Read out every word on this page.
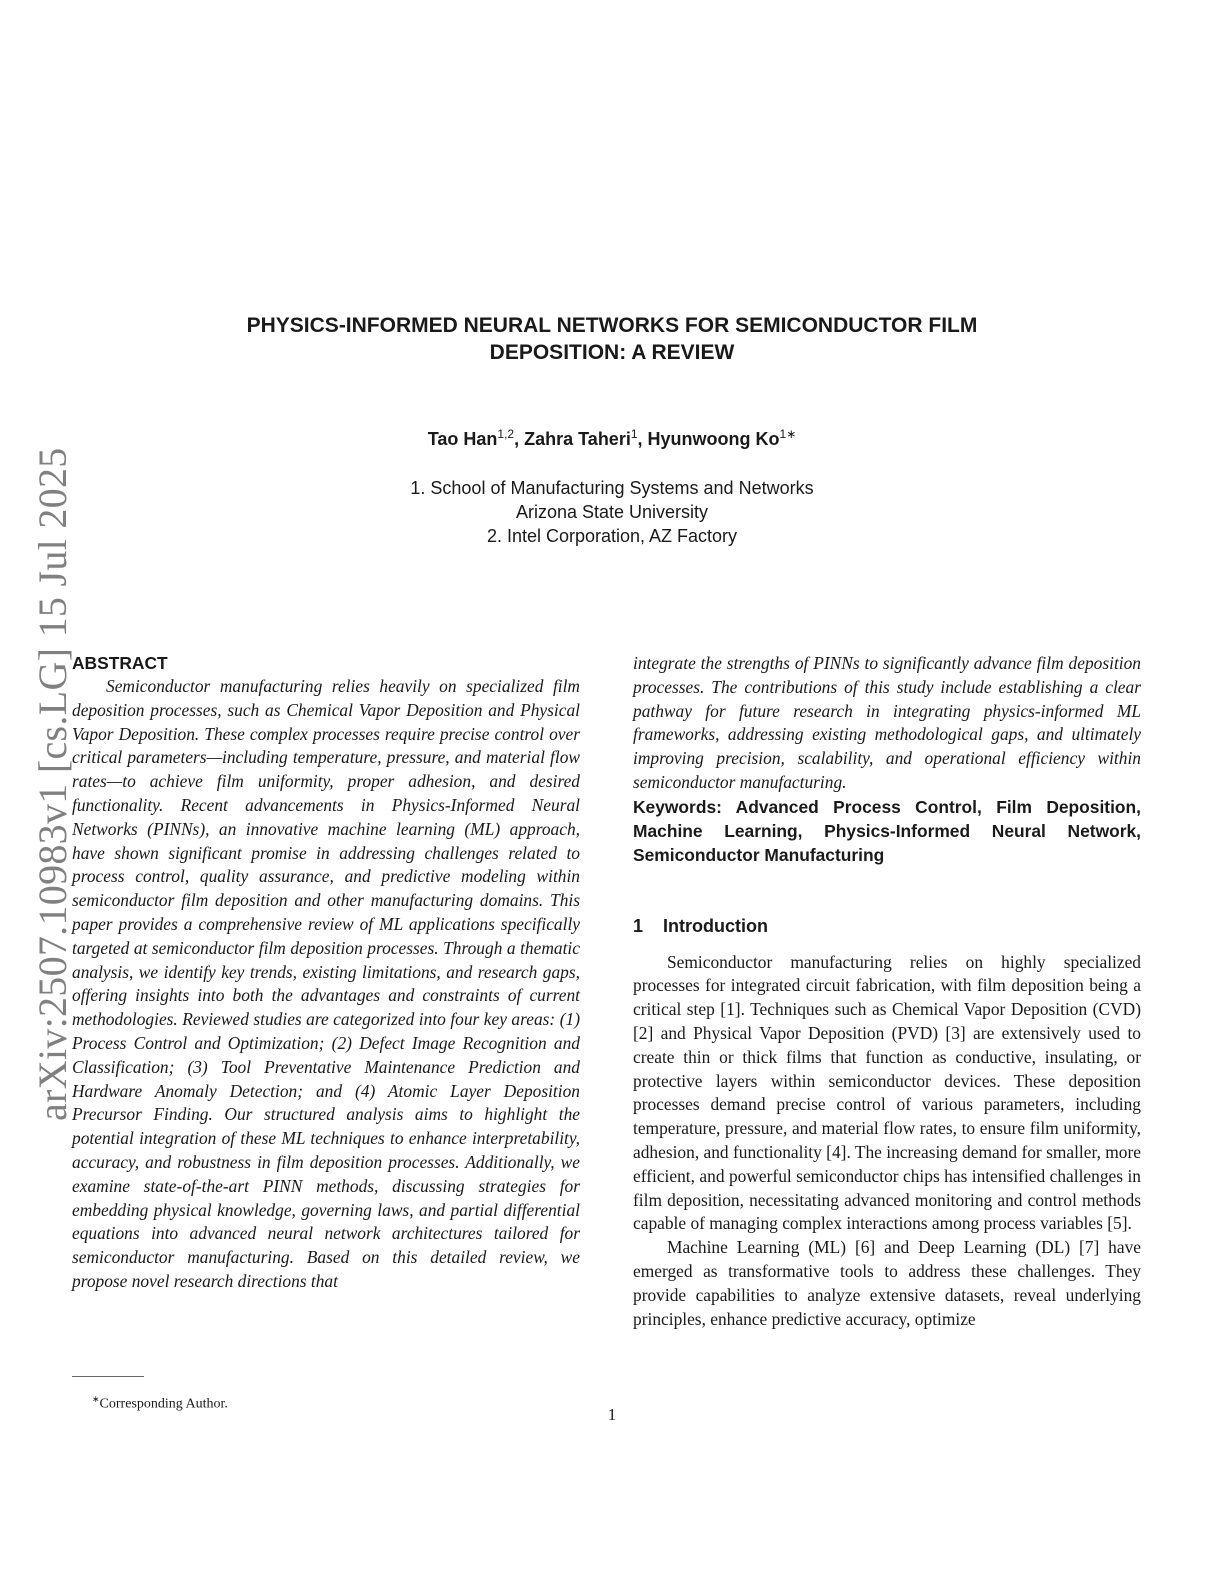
arXiv:2507.10983v1 [cs.LG] 15 Jul 2025
PHYSICS-INFORMED NEURAL NETWORKS FOR SEMICONDUCTOR FILM
DEPOSITION: A REVIEW
Tao Han$^{1,2}$, Zahra Taheri$^1$, Hyunwoong $Ko^{1∗}$
1. School of Manufacturing Systems and Networks
Arizona State University
2. Intel Corporation, AZ Factory
ABSTRACT

Semiconductor manufacturing relies heavily on specialized film deposition processes, such as Chemical Vapor Deposition and Physical Vapor Deposition. These complex processes require precise control over critical parameters—including temperature, pressure, and material flow rates—to achieve film uniformity, proper adhesion, and desired functionality. Recent advancements in Physics-Informed Neural Networks (PINNs), an innovative machine learning (ML) approach, have shown significant promise in addressing challenges related to process control, quality assurance, and predictive modeling within semiconductor film deposition and other manufacturing domains. This paper provides a comprehensive review of ML applications specifically targeted at semiconductor film deposition processes. Through a thematic analysis, we identify key trends, existing limitations, and research gaps, offering insights into both the advantages and constraints of current methodologies. Reviewed studies are categorized into four key areas: (1) Process Control and Optimization; (2) Defect Image Recognition and Classification; (3) Tool Preventative Maintenance Prediction and Hardware Anomaly Detection; and (4) Atomic Layer Deposition Precursor Finding. Our structured analysis aims to highlight the potential integration of these ML techniques to enhance interpretability, accuracy, and robustness in film deposition processes. Additionally, we examine state-of-the-art PINN methods, discussing strategies for embedding physical knowledge, governing laws, and partial differential equations into advanced neural network architectures tailored for semiconductor manufacturing. Based on this detailed review, we propose novel research directions that

integrate the strengths of PINNs to significantly advance film deposition processes. The contributions of this study include establishing a clear pathway for future research in integrating physics-informed ML frameworks, addressing existing methodological gaps, and ultimately improving precision, scalability, and operational efficiency within semiconductor manufacturing.

Keywords: Advanced Process Control, Film Deposition, Machine Learning, Physics-Informed Neural Network, Semiconductor Manufacturing

1 Introduction

Semiconductor manufacturing relies on highly specialized processes for integrated circuit fabrication, with film deposition being a critical step [1]. Techniques such as Chemical Vapor Deposition (CVD) [2] and Physical Vapor Deposition (PVD) [3] are extensively used to create thin or thick films that function as conductive, insulating, or protective layers within semiconductor devices. These deposition processes demand precise control of various parameters, including temperature, pressure, and material flow rates, to ensure film uniformity, adhesion, and functionality [4]. The increasing demand for smaller, more efficient, and powerful semiconductor chips has intensified challenges in film deposition, necessitating advanced monitoring and control methods capable of managing complex interactions among process variables [5].

Machine Learning (ML) [6] and Deep Learning (DL) [7] have emerged as transformative tools to address these challenges. They provide capabilities to analyze extensive datasets, reveal underlying principles, enhance predictive accuracy, optimize

∗Corresponding Author.
1
